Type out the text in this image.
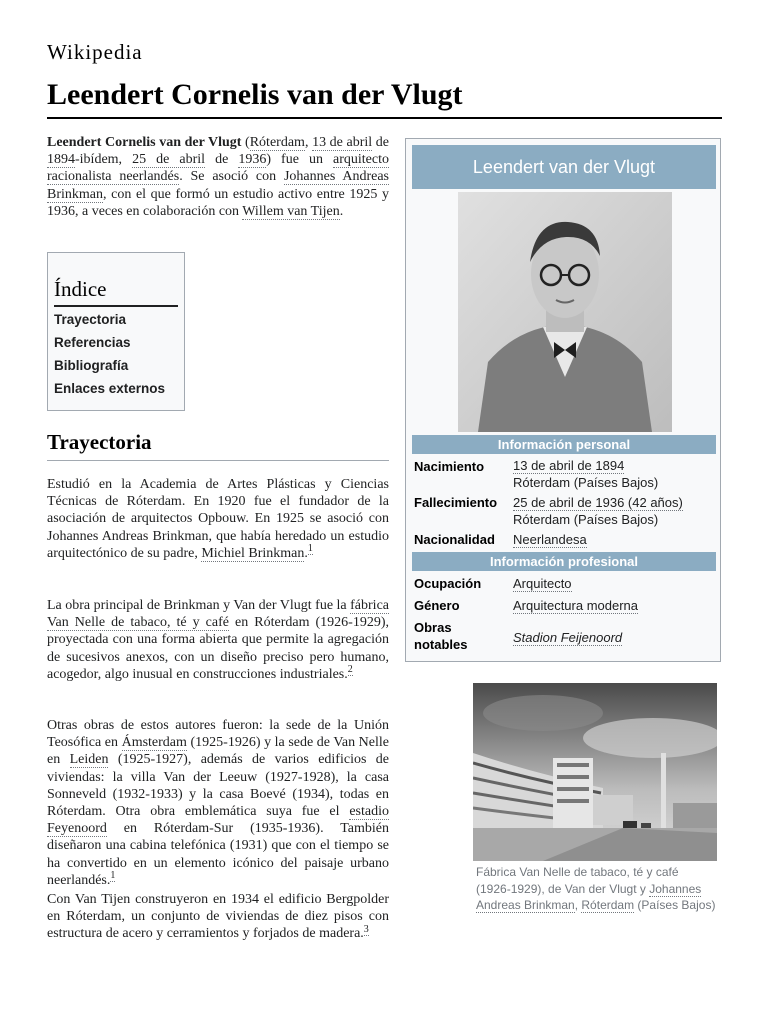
Wikipedia
Leendert Cornelis van der Vlugt

Leendert Cornelis van der Vlugt (Róterdam, 13 de abril de 1894-ibídem, 25 de abril de 1936) fue un arquitecto racionalista neerlandés. Se asoció con Johannes Andreas Brinkman, con el que formó un estudio activo entre 1925 y 1936, a veces en colaboración con Willem van Tijen.

Índice
Trayectoria
Referencias
Bibliografía
Enlaces externos
Trayectoria

Estudió en la Academia de Artes Plásticas y Ciencias Técnicas de Róterdam. En 1920 fue el fundador de la asociación de arquitectos Opbouw. En 1925 se asoció con Johannes Andreas Brinkman, que había heredado un estudio arquitectónico de su padre, Michiel Brinkman.$^1$

La obra principal de Brinkman y Van der Vlugt fue la fábrica Van Nelle de tabaco, té y café en Róterdam (1926-1929), proyectada con una forma abierta que permite la agregación de sucesivos anexos, con un diseño preciso pero humano, acogedor, algo inusual en construcciones industriales.$^2$

Otras obras de estos autores fueron: la sede de la Unión Teosófica en Ámsterdam (1925-1926) y la sede de Van Nelle en Leiden (1925-1927), además de varios edificios de viviendas: la villa Van der Leeuw (1927-1928), la casa Sonneveld (1932-1933) y la casa Boevé (1934), todas en Róterdam. Otra obra emblemática suya fue el estadio Feyenoord en Róterdam-Sur (1935-1936). También diseñaron una cabina telefónica (1931) que con el tiempo se ha convertido en un elemento icónico del paisaje urbano neerlandés.$^1$

Con Van Tijen construyeron en 1934 el edificio Bergpolder en Róterdam, un conjunto de viviendas de diez pisos con estructura de acero y cerramientos y forjados de madera.$^3$

Leendert van der Vlugt
Información personal
Nacimiento 13 de abril de 1894
Róterdam (Países Bajos)
Fallecimiento 25 de abril de 1936 (42 años)
Róterdam (Países Bajos)
Nacionalidad Neerlandesa
Información profesional
Ocupación Arquitecto
Género	Arquitectura moderna
Obras
notables	Stadion Feijenoord

Fábrica Van Nelle de tabaco, té y café (1926-1929), de Van der Vlugt y Johannes Andreas Brinkman, Róterdam (Países Bajos)
